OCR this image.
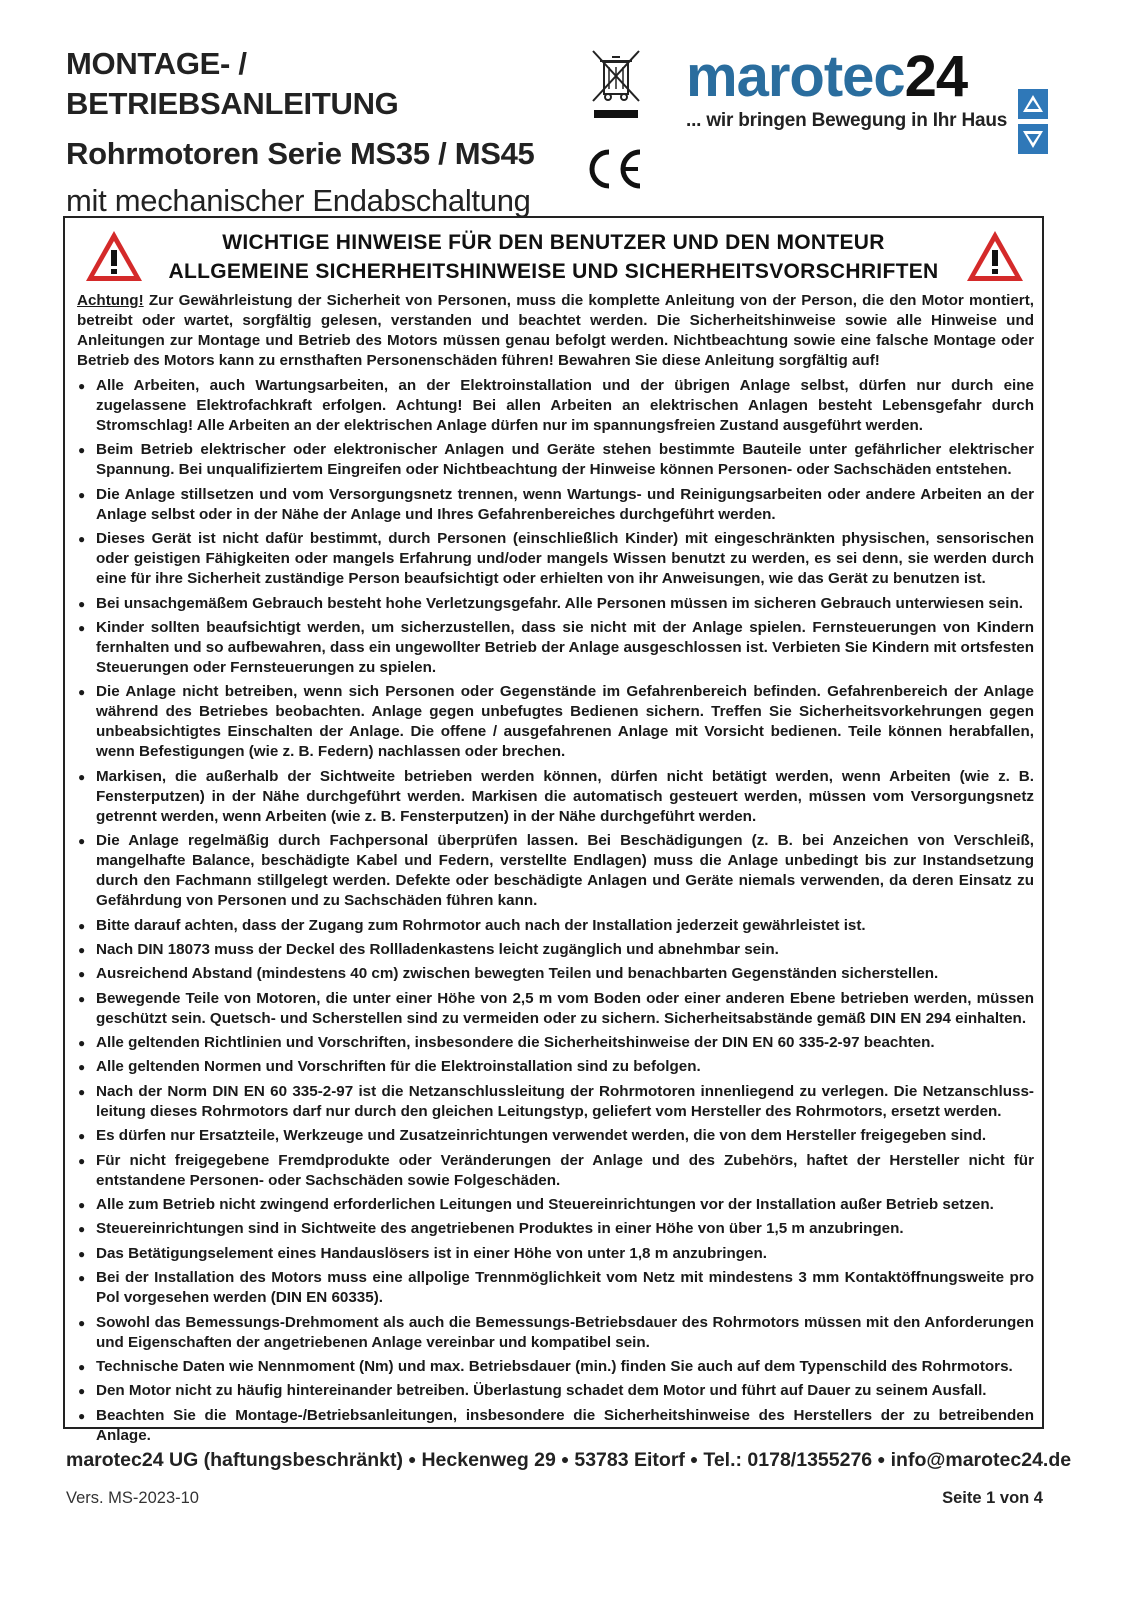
MONTAGE- / BETRIEBSANLEITUNG
Rohrmotoren Serie MS35 / MS45
mit mechanischer Endabschaltung
marotec24
... wir bringen Bewegung in Ihr Haus
WICHTIGE HINWEISE FÜR DEN BENUTZER UND DEN MONTEUR
ALLGEMEINE SICHERHEITSHINWEISE UND SICHERHEITSVORSCHRIFTEN
Achtung! Zur Gewährleistung der Sicherheit von Personen, muss die komplette Anleitung von der Person, die den Motor montiert, betreibt oder wartet, sorgfältig gelesen, verstanden und beachtet werden. Die Sicherheitshinweise sowie alle Hinweise und Anleitungen zur Montage und Betrieb des Motors müssen genau befolgt werden. Nichtbeachtung sowie eine falsche Montage oder Betrieb des Motors kann zu ernsthaften Personenschäden führen! Bewahren Sie diese Anleitung sorgfältig auf!
● Alle Arbeiten, auch Wartungsarbeiten, an der Elektroinstallation und der übrigen Anlage selbst, dürfen nur durch eine zugelassene Elektrofachkraft erfolgen. Achtung! Bei allen Arbeiten an elektrischen Anlagen besteht Lebensgefahr durch Stromschlag! Alle Arbeiten an der elektrischen Anlage dürfen nur im spannungsfreien Zustand ausgeführt werden.
● Beim Betrieb elektrischer oder elektronischer Anlagen und Geräte stehen bestimmte Bauteile unter gefährlicher elektrischer Spannung. Bei unqualifiziertem Eingreifen oder Nichtbeachtung der Hinweise können Personen- oder Sachschäden entstehen.
● Die Anlage stillsetzen und vom Versorgungsnetz trennen, wenn Wartungs- und Reinigungsarbeiten oder andere Arbeiten an der Anlage selbst oder in der Nähe der Anlage und Ihres Gefahrenbereiches durchgeführt werden.
● Dieses Gerät ist nicht dafür bestimmt, durch Personen (einschließlich Kinder) mit eingeschränkten physischen, sensorischen oder geistigen Fähigkeiten oder mangels Erfahrung und/oder mangels Wissen benutzt zu werden, es sei denn, sie werden durch eine für ihre Sicherheit zuständige Person beaufsichtigt oder erhielten von ihr Anweisungen, wie das Gerät zu benutzen ist.
● Bei unsachgemäßem Gebrauch besteht hohe Verletzungsgefahr. Alle Personen müssen im sicheren Gebrauch unterwiesen sein.
● Kinder sollten beaufsichtigt werden, um sicherzustellen, dass sie nicht mit der Anlage spielen. Fernsteuerungen von Kindern fernhalten und so aufbewahren, dass ein ungewollter Betrieb der Anlage ausgeschlossen ist. Verbieten Sie Kindern mit ortsfesten Steuerungen oder Fernsteuerungen zu spielen.
● Die Anlage nicht betreiben, wenn sich Personen oder Gegenstände im Gefahrenbereich befinden. Gefahrenbereich der Anlage während des Betriebes beobachten. Anlage gegen unbefugtes Bedienen sichern. Treffen Sie Sicherheitsvorkehrungen gegen unbeabsichtigtes Einschalten der Anlage. Die offene / ausgefahrenen Anlage mit Vorsicht bedienen. Teile können herabfallen, wenn Befestigungen (wie z. B. Federn) nachlassen oder brechen.
● Markisen, die außerhalb der Sichtweite betrieben werden können, dürfen nicht betätigt werden, wenn Arbeiten (wie z. B. Fensterputzen) in der Nähe durchgeführt werden. Markisen die automatisch gesteuert werden, müssen vom Versorgungsnetz getrennt werden, wenn Arbeiten (wie z. B. Fensterputzen) in der Nähe durchgeführt werden.
● Die Anlage regelmäßig durch Fachpersonal überprüfen lassen. Bei Beschädigungen (z. B. bei Anzeichen von Verschleiß, mangelhafte Balance, beschädigte Kabel und Federn, verstellte Endlagen) muss die Anlage unbedingt bis zur Instandsetzung durch den Fachmann stillgelegt werden. Defekte oder beschädigte Anlagen und Geräte niemals verwenden, da deren Einsatz zu Gefährdung von Personen und zu Sachschäden führen kann.
● Bitte darauf achten, dass der Zugang zum Rohrmotor auch nach der Installation jederzeit gewährleistet ist.
● Nach DIN 18073 muss der Deckel des Rollladenkastens leicht zugänglich und abnehmbar sein.
● Ausreichend Abstand (mindestens 40 cm) zwischen bewegten Teilen und benachbarten Gegenständen sicherstellen.
● Bewegende Teile von Motoren, die unter einer Höhe von 2,5 m vom Boden oder einer anderen Ebene betrieben werden, müssen geschützt sein. Quetsch- und Scherstellen sind zu vermeiden oder zu sichern. Sicherheitsabstände gemäß DIN EN 294 einhalten.
● Alle geltenden Richtlinien und Vorschriften, insbesondere die Sicherheitshinweise der DIN EN 60 335-2-97 beachten.
● Alle geltenden Normen und Vorschriften für die Elektroinstallation sind zu befolgen.
● Nach der Norm DIN EN 60 335-2-97 ist die Netzanschlussleitung der Rohrmotoren innenliegend zu verlegen. Die Netzanschluss-leitung dieses Rohrmotors darf nur durch den gleichen Leitungstyp, geliefert vom Hersteller des Rohrmotors, ersetzt werden.
● Es dürfen nur Ersatzteile, Werkzeuge und Zusatzeinrichtungen verwendet werden, die von dem Hersteller freigegeben sind.
● Für nicht freigegebene Fremdprodukte oder Veränderungen der Anlage und des Zubehörs, haftet der Hersteller nicht für entstandene Personen- oder Sachschäden sowie Folgeschäden.
● Alle zum Betrieb nicht zwingend erforderlichen Leitungen und Steuereinrichtungen vor der Installation außer Betrieb setzen.
● Steuereinrichtungen sind in Sichtweite des angetriebenen Produktes in einer Höhe von über 1,5 m anzubringen.
● Das Betätigungselement eines Handauslösers ist in einer Höhe von unter 1,8 m anzubringen.
● Bei der Installation des Motors muss eine allpolige Trennmöglichkeit vom Netz mit mindestens 3 mm Kontaktöffnungsweite pro Pol vorgesehen werden (DIN EN 60335).
● Sowohl das Bemessungs-Drehmoment als auch die Bemessungs-Betriebsdauer des Rohrmotors müssen mit den Anforderungen und Eigenschaften der angetriebenen Anlage vereinbar und kompatibel sein.
● Technische Daten wie Nennmoment (Nm) und max. Betriebsdauer (min.) finden Sie auch auf dem Typenschild des Rohrmotors.
● Den Motor nicht zu häufig hintereinander betreiben. Überlastung schadet dem Motor und führt auf Dauer zu seinem Ausfall.
● Beachten Sie die Montage-/Betriebsanleitungen, insbesondere die Sicherheitshinweise des Herstellers der zu betreibenden Anlage.
marotec24 UG (haftungsbeschränkt) ● Heckenweg 29 ● 53783 Eitorf ● Tel.: 0178/1355276 ● info@marotec24.de
Vers. MS-2023-10	Seite 1 von 4
